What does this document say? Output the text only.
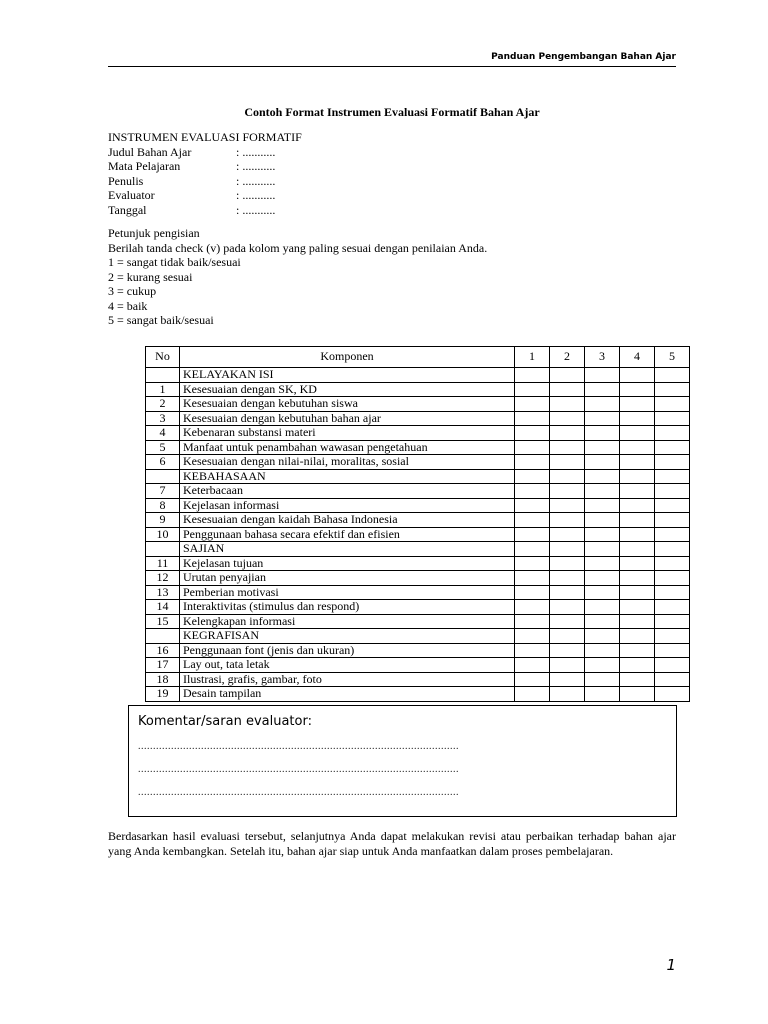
Panduan Pengembangan Bahan Ajar
Contoh Format Instrumen Evaluasi Formatif Bahan Ajar
INSTRUMEN EVALUASI FORMATIF
Judul Bahan Ajar	: ...........
Mata Pelajaran	: ...........
Penulis	: ...........
Evaluator	: ...........
Tanggal	: ...........
Petunjuk pengisian
Berilah tanda check (v) pada kolom yang paling sesuai dengan penilaian Anda.
1 = sangat tidak baik/sesuai
2 = kurang sesuai
3 = cukup
4 = baik
5 = sangat baik/sesuai
No	Komponen	1	2	3	4	5
	KELAYAKAN ISI					
1	Kesesuaian dengan SK, KD					
2	Kesesuaian dengan kebutuhan siswa					
3	Kesesuaian dengan kebutuhan bahan ajar					
4	Kebenaran substansi materi					
5	Manfaat untuk penambahan wawasan pengetahuan					
6	Kesesuaian dengan nilai-nilai, moralitas, sosial					
	KEBAHASAAN					
7	Keterbacaan					
8	Kejelasan informasi					
9	Kesesuaian dengan kaidah Bahasa Indonesia					
10	Penggunaan bahasa secara efektif dan efisien					
	SAJIAN					
11	Kejelasan tujuan					
12	Urutan penyajian					
13	Pemberian motivasi					
14	Interaktivitas (stimulus dan respond)					
15	Kelengkapan informasi					
	KEGRAFISAN					
16	Penggunaan font (jenis dan ukuran)					
17	Lay out, tata letak					
18	Ilustrasi, grafis, gambar, foto					
19	Desain tampilan					
Komentar/saran evaluator:
...........................................................................................................
...........................................................................................................
...........................................................................................................
Berdasarkan hasil evaluasi tersebut, selanjutnya Anda dapat melakukan revisi atau perbaikan terhadap bahan ajar yang Anda kembangkan. Setelah itu, bahan ajar siap untuk Anda manfaatkan dalam proses pembelajaran.
1
